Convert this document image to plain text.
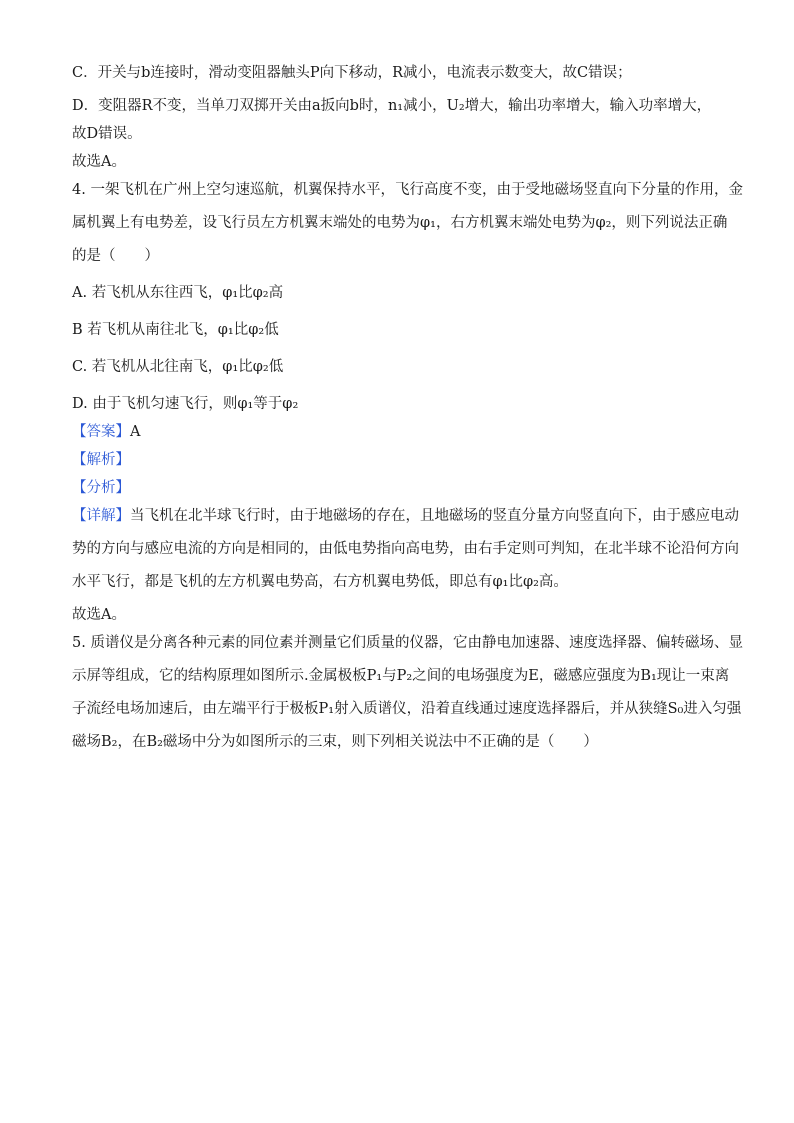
C．开关与b连接时，滑动变阻器触头P向下移动，R减小，电流表示数变大，故C错误；
D．变阻器R不变，当单刀双掷开关由a扳向b时，n₁减小，U₂增大，输出功率增大，输入功率增大，
故D错误。
故选A。
4. 一架飞机在广州上空匀速巡航，机翼保持水平，飞行高度不变，由于受地磁场竖直向下分量的作用，金
属机翼上有电势差，设飞行员左方机翼末端处的电势为φ₁，右方机翼末端处电势为φ₂，则下列说法正确
的是（　　）
A. 若飞机从东往西飞，φ₁比φ₂高
B 若飞机从南往北飞，φ₁比φ₂低
C. 若飞机从北往南飞，φ₁比φ₂低
D. 由于飞机匀速飞行，则φ₁等于φ₂
【答案】A
【解析】
【分析】
【详解】当飞机在北半球飞行时，由于地磁场的存在，且地磁场的竖直分量方向竖直向下，由于感应电动
势的方向与感应电流的方向是相同的，由低电势指向高电势，由右手定则可判知，在北半球不论沿何方向
水平飞行，都是飞机的左方机翼电势高，右方机翼电势低，即总有φ₁比φ₂高。
故选A。
5. 质谱仪是分离各种元素的同位素并测量它们质量的仪器，它由静电加速器、速度选择器、偏转磁场、显
示屏等组成，它的结构原理如图所示.金属极板P₁与P₂之间的电场强度为E，磁感应强度为B₁现让一束离
子流经电场加速后，由左端平行于极板P₁射入质谱仪，沿着直线通过速度选择器后，并从狭缝S₀进入匀强
磁场B₂，在B₂磁场中分为如图所示的三束，则下列相关说法中不正确的是（　　）
